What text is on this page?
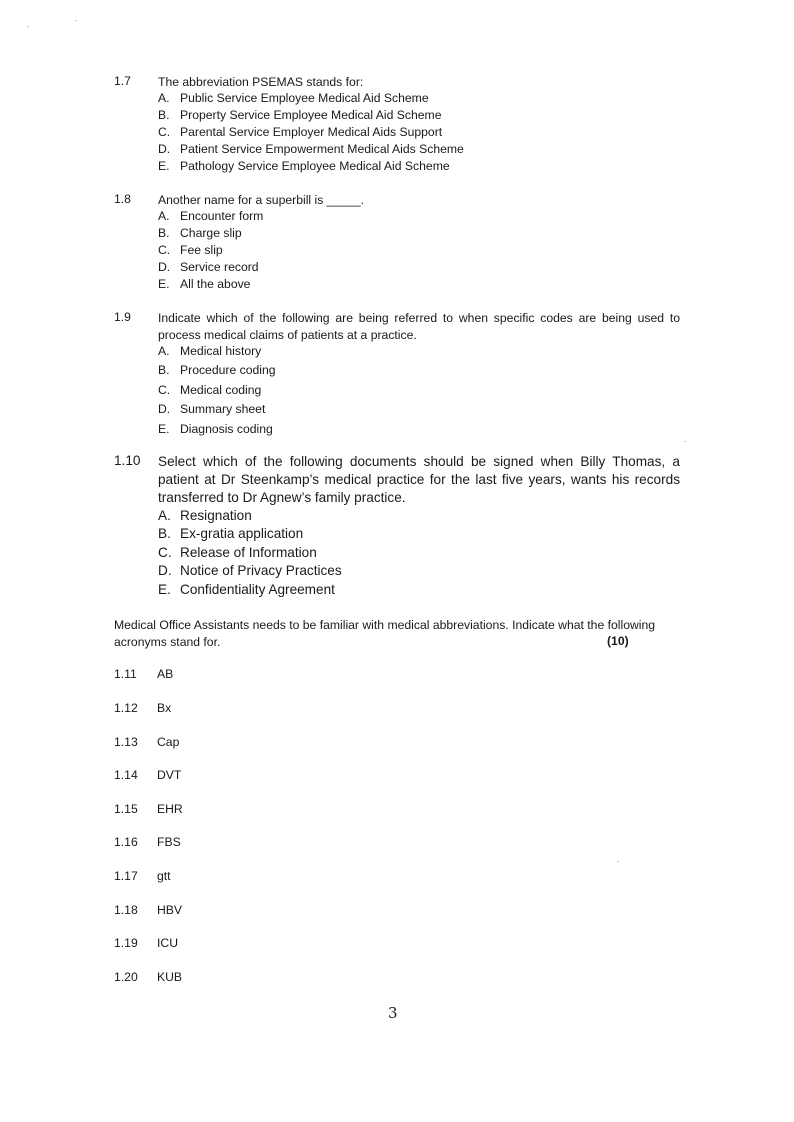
1.7 The abbreviation PSEMAS stands for:
A. Public Service Employee Medical Aid Scheme
B. Property Service Employee Medical Aid Scheme
C. Parental Service Employer Medical Aids Support
D. Patient Service Empowerment Medical Aids Scheme
E. Pathology Service Employee Medical Aid Scheme
1.8 Another name for a superbill is _____.
A. Encounter form
B. Charge slip
C. Fee slip
D. Service record
E. All the above
1.9 Indicate which of the following are being referred to when specific codes are being used to process medical claims of patients at a practice.
A. Medical history
B. Procedure coding
C. Medical coding
D. Summary sheet
E. Diagnosis coding
1.10 Select which of the following documents should be signed when Billy Thomas, a patient at Dr Steenkamp’s medical practice for the last five years, wants his records transferred to Dr Agnew’s family practice.
A. Resignation
B. Ex-gratia application
C. Release of Information
D. Notice of Privacy Practices
E. Confidentiality Agreement
Medical Office Assistants needs to be familiar with medical abbreviations. Indicate what the following acronyms stand for.	(10)
1.11 AB
1.12 Bx
1.13 Cap
1.14 DVT
1.15 EHR
1.16 FBS
1.17 gtt
1.18 HBV
1.19 ICU
1.20 KUB
3
